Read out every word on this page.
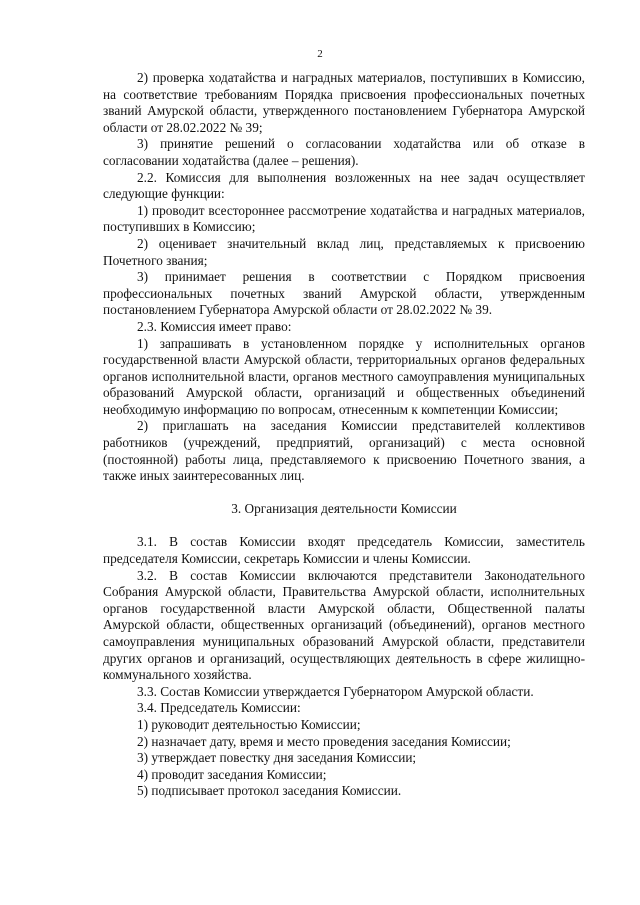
2

2) проверка ходатайства и наградных материалов, поступивших в Комиссию, на соответствие требованиям Порядка присвоения профессиональных почетных званий Амурской области, утвержденного постановлением Губернатора Амурской области от 28.02.2022 № 39;

3) принятие решений о согласовании ходатайства или об отказе в согласовании ходатайства (далее – решения).

2.2. Комиссия для выполнения возложенных на нее задач осуществляет следующие функции:

1) проводит всестороннее рассмотрение ходатайства и наградных материалов, поступивших в Комиссию;

2) оценивает значительный вклад лиц, представляемых к присвоению Почетного звания;

3) принимает решения в соответствии с Порядком присвоения профессиональных почетных званий Амурской области, утвержденным постановлением Губернатора Амурской области от 28.02.2022 № 39.

2.3. Комиссия имеет право:

1) запрашивать в установленном порядке у исполнительных органов государственной власти Амурской области, территориальных органов федеральных органов исполнительной власти, органов местного самоуправления муниципальных образований Амурской области, организаций и общественных объединений необходимую информацию по вопросам, отнесенным к компетенции Комиссии;

2) приглашать на заседания Комиссии представителей коллективов работников (учреждений, предприятий, организаций) с места основной (постоянной) работы лица, представляемого к присвоению Почетного звания, а также иных заинтересованных лиц.

3. Организация деятельности Комиссии

3.1. В состав Комиссии входят председатель Комиссии, заместитель председателя Комиссии, секретарь Комиссии и члены Комиссии.

3.2. В состав Комиссии включаются представители Законодательного Собрания Амурской области, Правительства Амурской области, исполнительных органов государственной власти Амурской области, Общественной палаты Амурской области, общественных организаций (объединений), органов местного самоуправления муниципальных образований Амурской области, представители других органов и организаций, осуществляющих деятельность в сфере жилищно-коммунального хозяйства.

3.3. Состав Комиссии утверждается Губернатором Амурской области.

3.4. Председатель Комиссии:

1) руководит деятельностью Комиссии;

2) назначает дату, время и место проведения заседания Комиссии;

3) утверждает повестку дня заседания Комиссии;

4) проводит заседания Комиссии;

5) подписывает протокол заседания Комиссии.
